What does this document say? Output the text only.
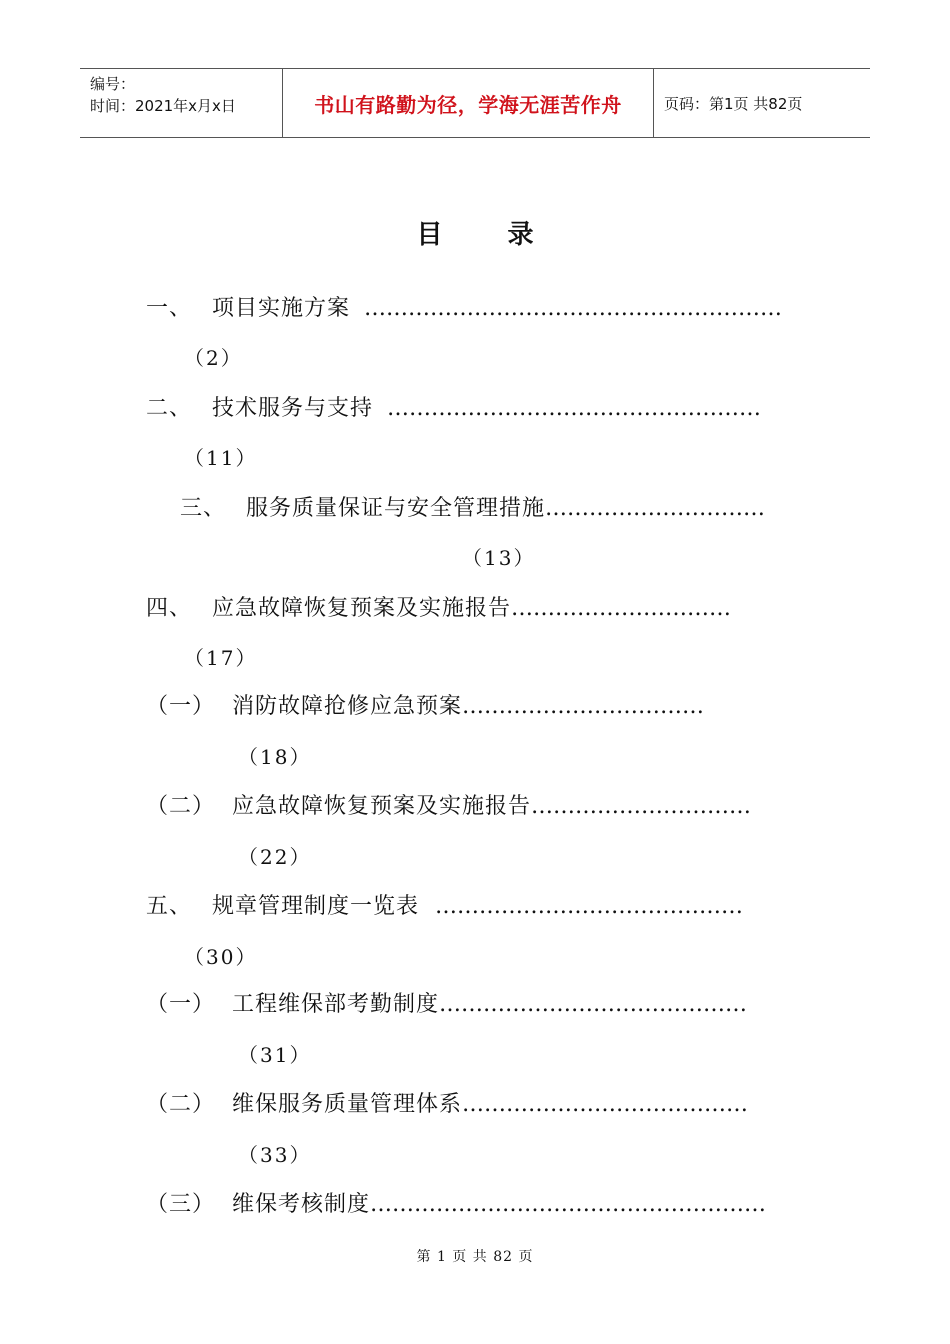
编号：
时间：2021年x月x日	书山有路勤为径，学海无涯苦作舟	页码：第1页 共82页
目 录
一、 项目实施方案 …………………………………………………
（2）
二、 技术服务与支持 ……………………………………………
（11）
三、 服务质量保证与安全管理措施…………………………
（13）
四、 应急故障恢复预案及实施报告…………………………
（17）
（一） 消防故障抢修应急预案……………………………
（18）
（二） 应急故障恢复预案及实施报告…………………………
（22）
五、 规章管理制度一览表 ……………………………………
（30）
（一） 工程维保部考勤制度……………………………………
（31）
（二） 维保服务质量管理体系…………………………………
（33）
（三） 维保考核制度………………………………………………
第 1 页 共 82 页
